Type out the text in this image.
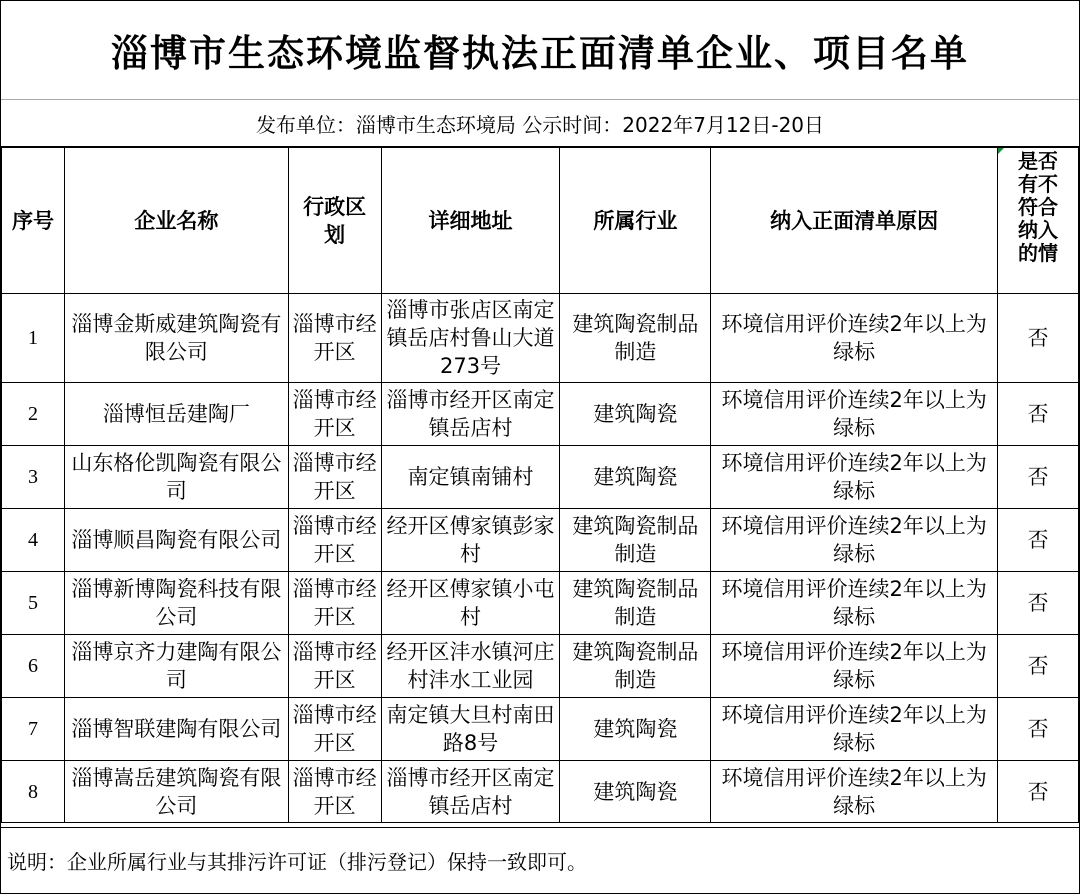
淄博市生态环境监督执法正面清单企业、项目名单
发布单位：淄博市生态环境局 公示时间：2022年7月12日-20日
序号	企业名称	行政区划	详细地址	所属行业	纳入正面清单原因	是否有不符合纳入的情
1	淄博金斯威建筑陶瓷有限公司	淄博市经开区	淄博市张店区南定镇岳店村鲁山大道273号	建筑陶瓷制品制造	环境信用评价连续2年以上为绿标	否
2	淄博恒岳建陶厂	淄博市经开区	淄博市经开区南定镇岳店村	建筑陶瓷	环境信用评价连续2年以上为绿标	否
3	山东格伦凯陶瓷有限公司	淄博市经开区	南定镇南铺村	建筑陶瓷	环境信用评价连续2年以上为绿标	否
4	淄博顺昌陶瓷有限公司	淄博市经开区	经开区傅家镇彭家村	建筑陶瓷制品制造	环境信用评价连续2年以上为绿标	否
5	淄博新博陶瓷科技有限公司	淄博市经开区	经开区傅家镇小屯村	建筑陶瓷制品制造	环境信用评价连续2年以上为绿标	否
6	淄博京齐力建陶有限公司	淄博市经开区	经开区沣水镇河庄村沣水工业园	建筑陶瓷制品制造	环境信用评价连续2年以上为绿标	否
7	淄博智联建陶有限公司	淄博市经开区	南定镇大旦村南田路8号	建筑陶瓷	环境信用评价连续2年以上为绿标	否
8	淄博嵩岳建筑陶瓷有限公司	淄博市经开区	淄博市经开区南定镇岳店村	建筑陶瓷	环境信用评价连续2年以上为绿标	否
说明：企业所属行业与其排污许可证（排污登记）保持一致即可。
